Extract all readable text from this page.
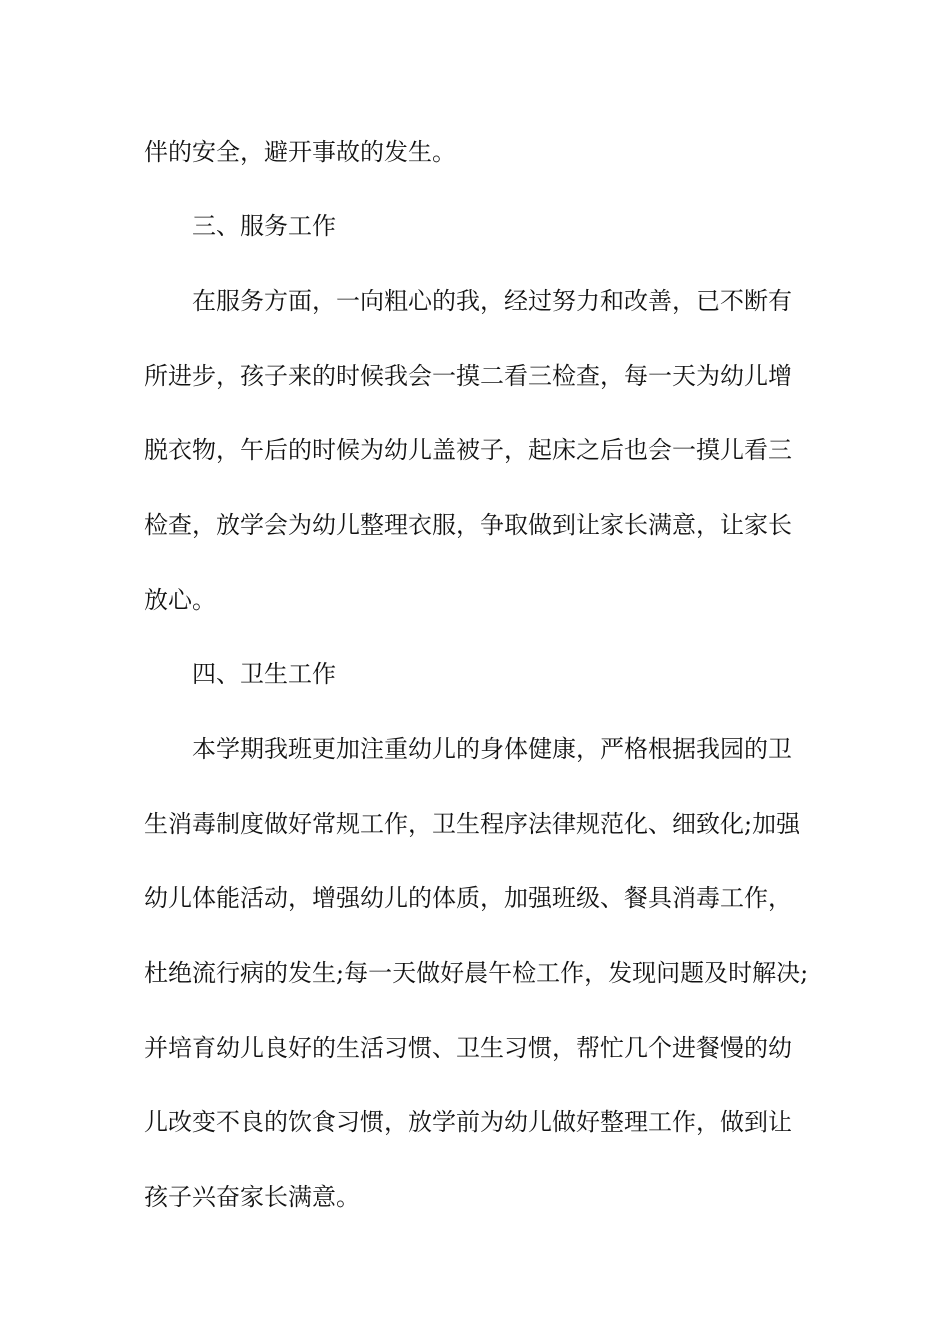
伴的安全，避开事故的发生。
三、服务工作
在服务方面，一向粗心的我，经过努力和改善，已不断有
所进步，孩子来的时候我会一摸二看三检查，每一天为幼儿增
脱衣物，午后的时候为幼儿盖被子，起床之后也会一摸儿看三
检查，放学会为幼儿整理衣服，争取做到让家长满意，让家长
放心。
四、卫生工作
本学期我班更加注重幼儿的身体健康，严格根据我园的卫
生消毒制度做好常规工作，卫生程序法律规范化、细致化;加强
幼儿体能活动，增强幼儿的体质，加强班级、餐具消毒工作，
杜绝流行病的发生;每一天做好晨午检工作，发现问题及时解决;
并培育幼儿良好的生活习惯、卫生习惯，帮忙几个进餐慢的幼
儿改变不良的饮食习惯，放学前为幼儿做好整理工作，做到让
孩子兴奋家长满意。
